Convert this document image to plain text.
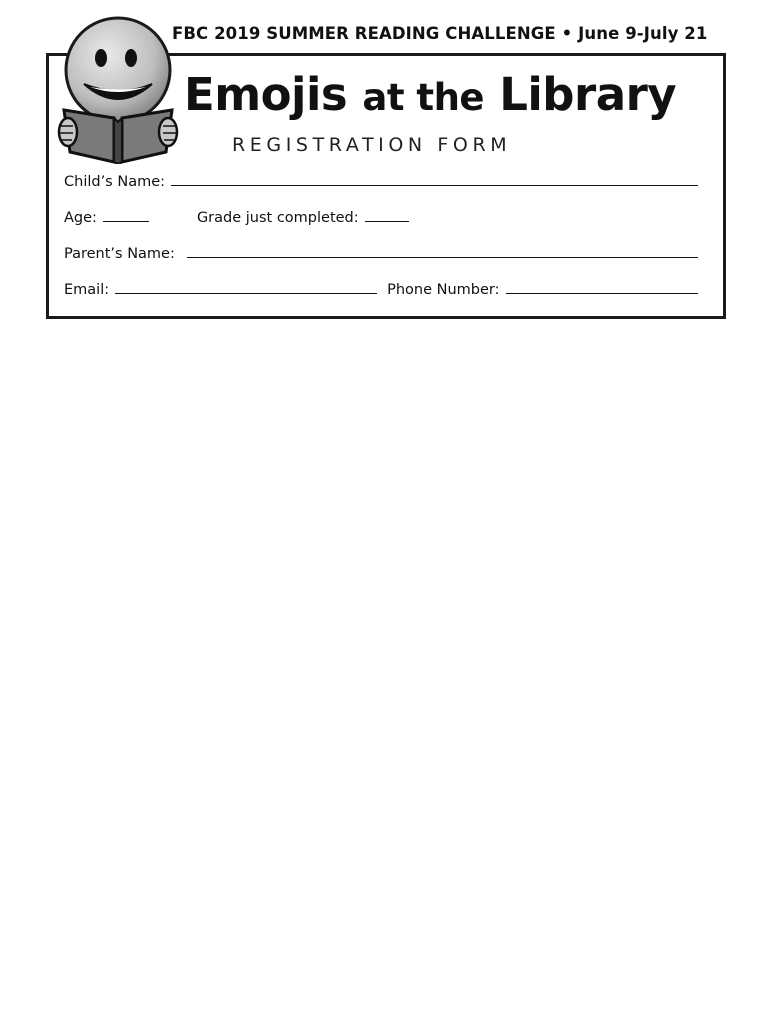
FBC 2019 SUMMER READING CHALLENGE • June 9-July 21
Emojis at the Library
REGISTRATION FORM
Child’s Name:
Age:	Grade just completed:
Parent’s Name:
Email:	Phone Number:
